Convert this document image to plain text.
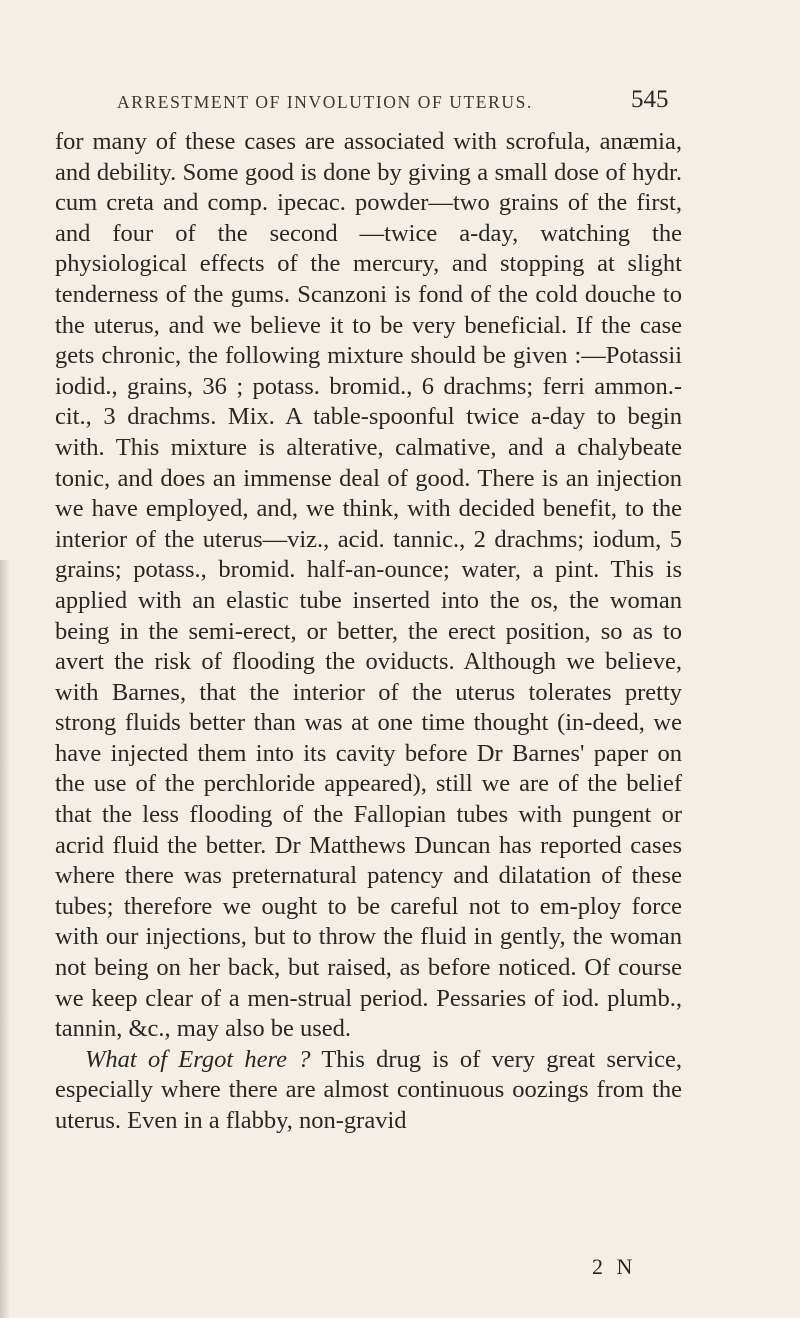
ARRESTMENT OF INVOLUTION OF UTERUS.	545

for many of these cases are associated with scrofula, anæmia, and debility. Some good is done by giving a small dose of hydr. cum creta and comp. ipecac. powder—two grains of the first, and four of the second —twice a-day, watching the physiological effects of the mercury, and stopping at slight tenderness of the gums. Scanzoni is fond of the cold douche to the uterus, and we believe it to be very beneficial. If the case gets chronic, the following mixture should be given :—Potassii iodid., grains, 36 ; potass. bromid., 6 drachms; ferri ammon.-cit., 3 drachms. Mix. A table-spoonful twice a-day to begin with. This mixture is alterative, calmative, and a chalybeate tonic, and does an immense deal of good. There is an injection we have employed, and, we think, with decided benefit, to the interior of the uterus—viz., acid. tannic., 2 drachms; iodum, 5 grains; potass., bromid. half-an-ounce; water, a pint. This is applied with an elastic tube inserted into the os, the woman being in the semi-erect, or better, the erect position, so as to avert the risk of flooding the oviducts. Although we believe, with Barnes, that the interior of the uterus tolerates pretty strong fluids better than was at one time thought (in-deed, we have injected them into its cavity before Dr Barnes' paper on the use of the perchloride appeared), still we are of the belief that the less flooding of the Fallopian tubes with pungent or acrid fluid the better. Dr Matthews Duncan has reported cases where there was preternatural patency and dilatation of these tubes; therefore we ought to be careful not to em-ploy force with our injections, but to throw the fluid in gently, the woman not being on her back, but raised, as before noticed. Of course we keep clear of a men-strual period. Pessaries of iod. plumb., tannin, &c., may also be used.

What of Ergot here ? This drug is of very great service, especially where there are almost continuous oozings from the uterus. Even in a flabby, non-gravid

2 N
